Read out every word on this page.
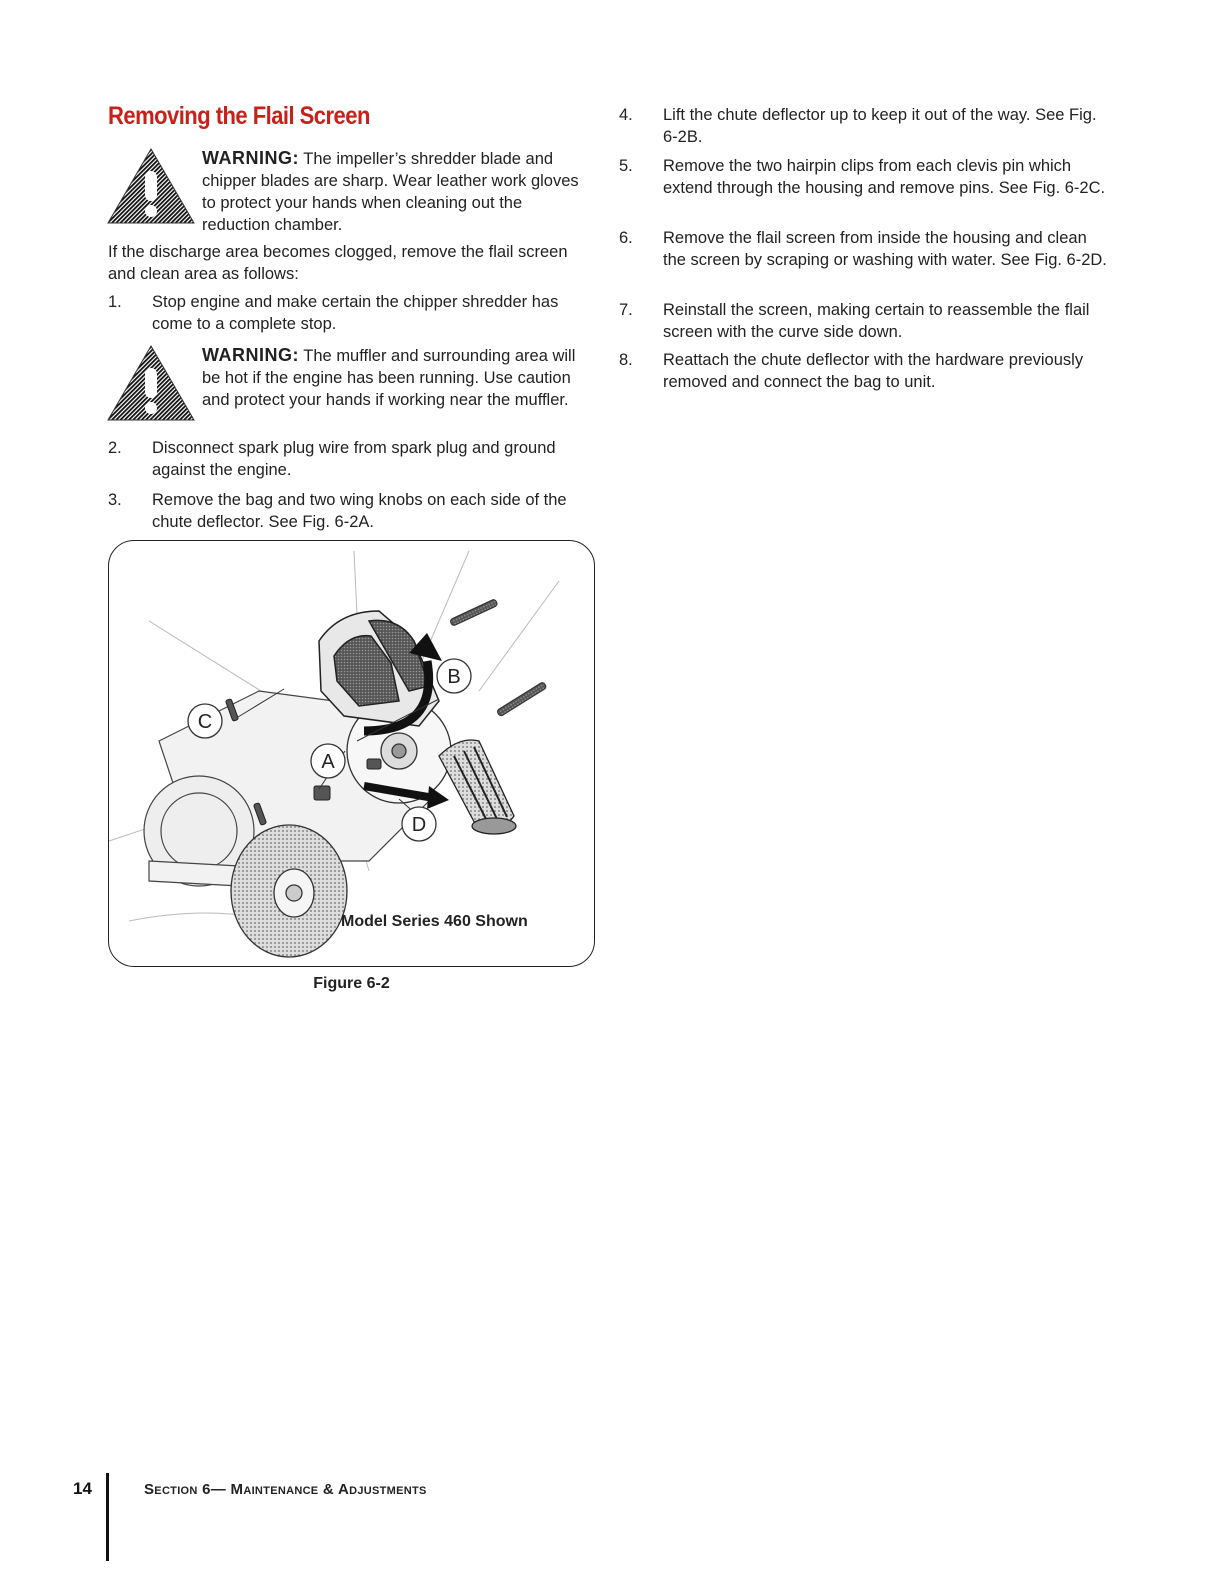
Removing the Flail Screen
WARNING: The impeller’s shredder blade and chipper blades are sharp. Wear leather work gloves to protect your hands when cleaning out the reduction chamber.

If the discharge area becomes clogged, remove the flail screen and clean area as follows:

1. Stop engine and make certain the chipper shredder has come to a complete stop.
WARNING: The muffler and surrounding area will be hot if the engine has been running. Use caution and protect your hands if working near the muffler.
2. Disconnect spark plug wire from spark plug and ground against the engine.
3. Remove the bag and two wing knobs on each side of the chute deflector. See Fig. 6-2A.
A
B
C
D
Model Series 460 Shown
Figure 6-2
4. Lift the chute deflector up to keep it out of the way. See Fig. 6-2B.
5. Remove the two hairpin clips from each clevis pin which extend through the housing and remove pins. See Fig. 6-2C.
6. Remove the flail screen from inside the housing and clean the screen by scraping or washing with water. See Fig. 6-2D.
7. Reinstall the screen, making certain to reassemble the flail screen with the curve side down.
8. Reattach the chute deflector with the hardware previously removed and connect the bag to unit.
14	Section 6— Maintenance & Adjustments
